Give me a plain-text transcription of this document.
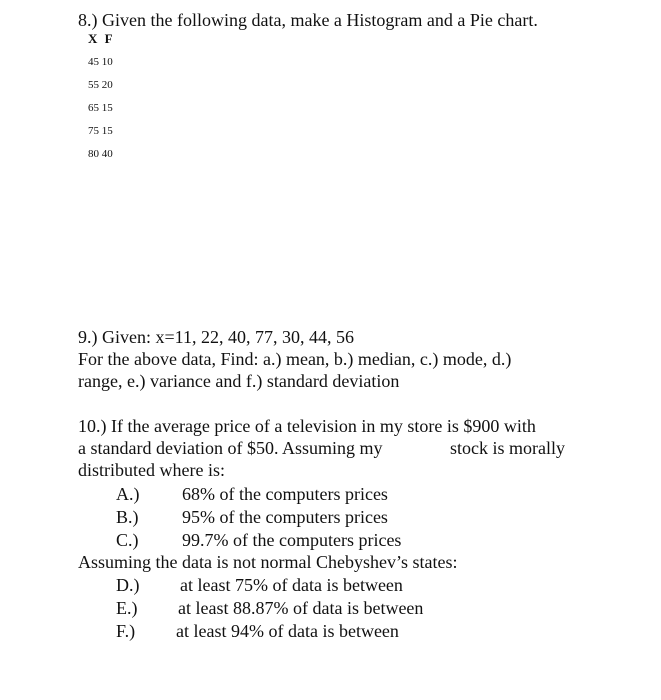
8.) Given the following data, make a Histogram and a Pie chart.
X F
45 10
55 20
65 15
75 15
80 40
9.) Given: x=11, 22, 40, 77, 30, 44, 56
For the above data, Find: a.) mean, b.) median, c.) mode, d.)
range, e.) variance and f.) standard deviation
10.) If the average price of a television in my store is $900 with
a standard deviation of $50. Assuming my	stock is morally
distributed where is:
A.)	68% of the computers prices
B.)	95% of the computers prices
C.)	99.7% of the computers prices
Assuming the data is not normal Chebyshev’s states:
D.)	at least 75% of data is between
E.)	at least 88.87% of data is between
F.)	at least 94% of data is between
